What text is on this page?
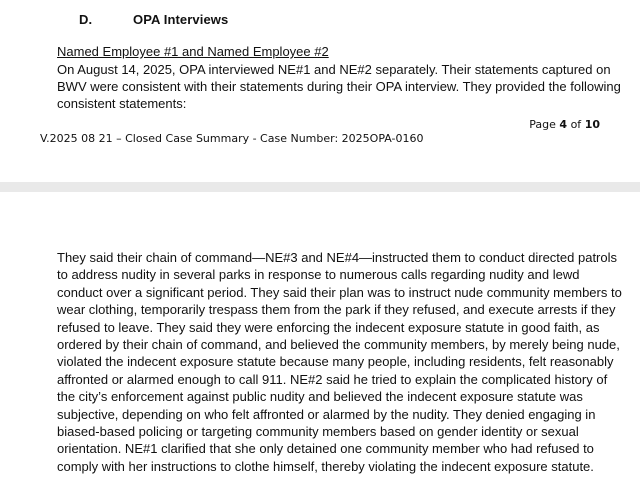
D.	OPA Interviews
Named Employee #1 and Named Employee #2

On August 14, 2025, OPA interviewed NE#1 and NE#2 separately. Their statements captured on BWV were consistent with their statements during their OPA interview. They provided the following consistent statements:

Page 4 of 10
V.2025 08 21 – Closed Case Summary - Case Number: 2025OPA-0160

They said their chain of command—NE#3 and NE#4—instructed them to conduct directed patrols to address nudity in several parks in response to numerous calls regarding nudity and lewd conduct over a significant period. They said their plan was to instruct nude community members to wear clothing, temporarily trespass them from the park if they refused, and execute arrests if they refused to leave. They said they were enforcing the indecent exposure statute in good faith, as ordered by their chain of command, and believed the community members, by merely being nude, violated the indecent exposure statute because many people, including residents, felt reasonably affronted or alarmed enough to call 911. NE#2 said he tried to explain the complicated history of the city’s enforcement against public nudity and believed the indecent exposure statute was subjective, depending on who felt affronted or alarmed by the nudity. They denied engaging in biased-based policing or targeting community members based on gender identity or sexual orientation. NE#1 clarified that she only detained one community member who had refused to comply with her instructions to clothe himself, thereby violating the indecent exposure statute.
